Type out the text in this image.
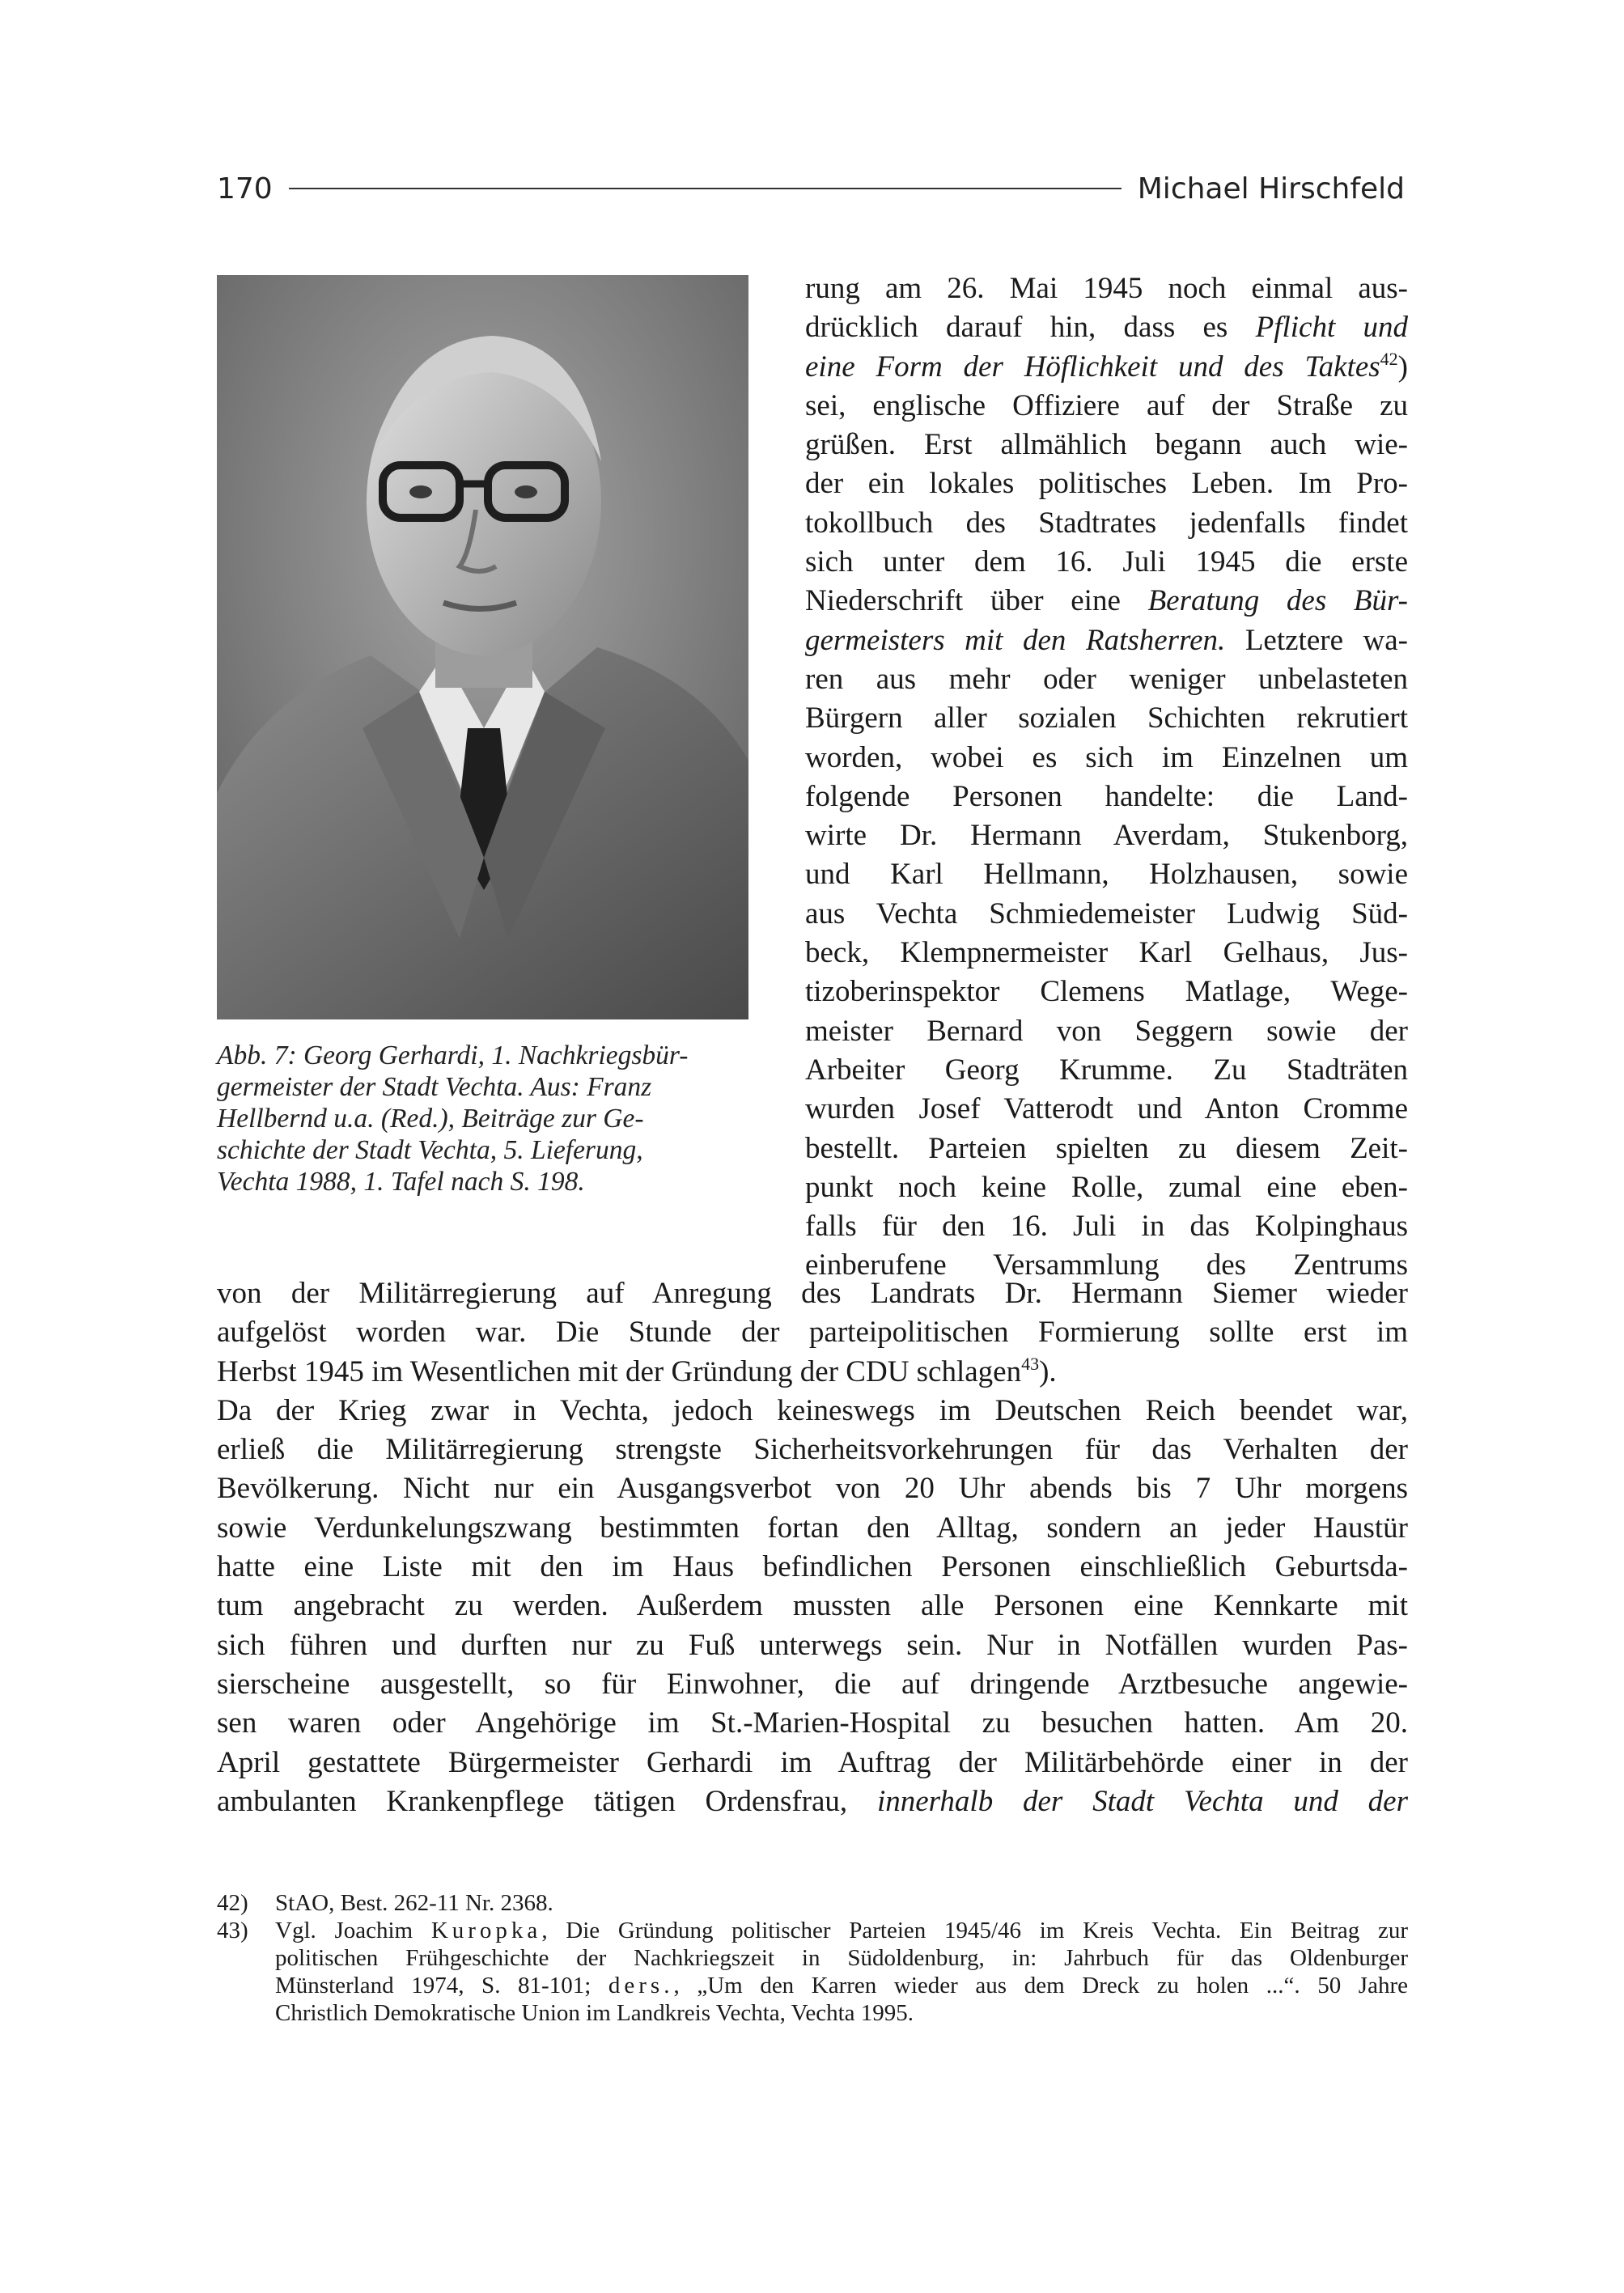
170	Michael Hirschfeld
Abb. 7: Georg Gerhardi, 1. Nachkriegsbür-
germeister der Stadt Vechta. Aus: Franz
Hellbernd u.a. (Red.), Beiträge zur Ge-
schichte der Stadt Vechta, 5. Lieferung,
Vechta 1988, 1. Tafel nach S. 198.
rung am 26. Mai 1945 noch einmal aus-
drücklich darauf hin, dass es Pflicht und
eine Form der Höflichkeit und des Taktes$^{42}$)
sei, englische Offiziere auf der Straße zu
grüßen. Erst allmählich begann auch wie-
der ein lokales politisches Leben. Im Pro-
tokollbuch des Stadtrates jedenfalls findet
sich unter dem 16. Juli 1945 die erste
Niederschrift über eine Beratung des Bür-
germeisters mit den Ratsherren. Letztere wa-
ren aus mehr oder weniger unbelasteten
Bürgern aller sozialen Schichten rekrutiert
worden, wobei es sich im Einzelnen um
folgende Personen handelte: die Land-
wirte Dr. Hermann Averdam, Stukenborg,
und Karl Hellmann, Holzhausen, sowie
aus Vechta Schmiedemeister Ludwig Süd-
beck, Klempnermeister Karl Gelhaus, Jus-
tizoberinspektor Clemens Matlage, Wege-
meister Bernard von Seggern sowie der
Arbeiter Georg Krumme. Zu Stadträten
wurden Josef Vatterodt und Anton Cromme
bestellt. Parteien spielten zu diesem Zeit-
punkt noch keine Rolle, zumal eine eben-
falls für den 16. Juli in das Kolpinghaus
einberufene Versammlung des Zentrums
von der Militärregierung auf Anregung des Landrats Dr. Hermann Siemer wieder
aufgelöst worden war. Die Stunde der parteipolitischen Formierung sollte erst im
Herbst 1945 im Wesentlichen mit der Gründung der CDU schlagen$^{43}$).
Da der Krieg zwar in Vechta, jedoch keineswegs im Deutschen Reich beendet war,
erließ die Militärregierung strengste Sicherheitsvorkehrungen für das Verhalten der
Bevölkerung. Nicht nur ein Ausgangsverbot von 20 Uhr abends bis 7 Uhr morgens
sowie Verdunkelungszwang bestimmten fortan den Alltag, sondern an jeder Haustür
hatte eine Liste mit den im Haus befindlichen Personen einschließlich Geburtsda-
tum angebracht zu werden. Außerdem mussten alle Personen eine Kennkarte mit
sich führen und durften nur zu Fuß unterwegs sein. Nur in Notfällen wurden Pas-
sierscheine ausgestellt, so für Einwohner, die auf dringende Arztbesuche angewie-
sen waren oder Angehörige im St.-Marien-Hospital zu besuchen hatten. Am 20.
April gestattete Bürgermeister Gerhardi im Auftrag der Militärbehörde einer in der
ambulanten Krankenpflege tätigen Ordensfrau, innerhalb der Stadt Vechta und der
42) StAO, Best. 262-11 Nr. 2368.
43) Vgl. Joachim Kuropka, Die Gründung politischer Parteien 1945/46 im Kreis Vechta. Ein Beitrag zur
politischen Frühgeschichte der Nachkriegszeit in Südoldenburg, in: Jahrbuch für das Oldenburger
Münsterland 1974, S. 81-101; ders., „Um den Karren wieder aus dem Dreck zu holen ...“. 50 Jahre
Christlich Demokratische Union im Landkreis Vechta, Vechta 1995.
